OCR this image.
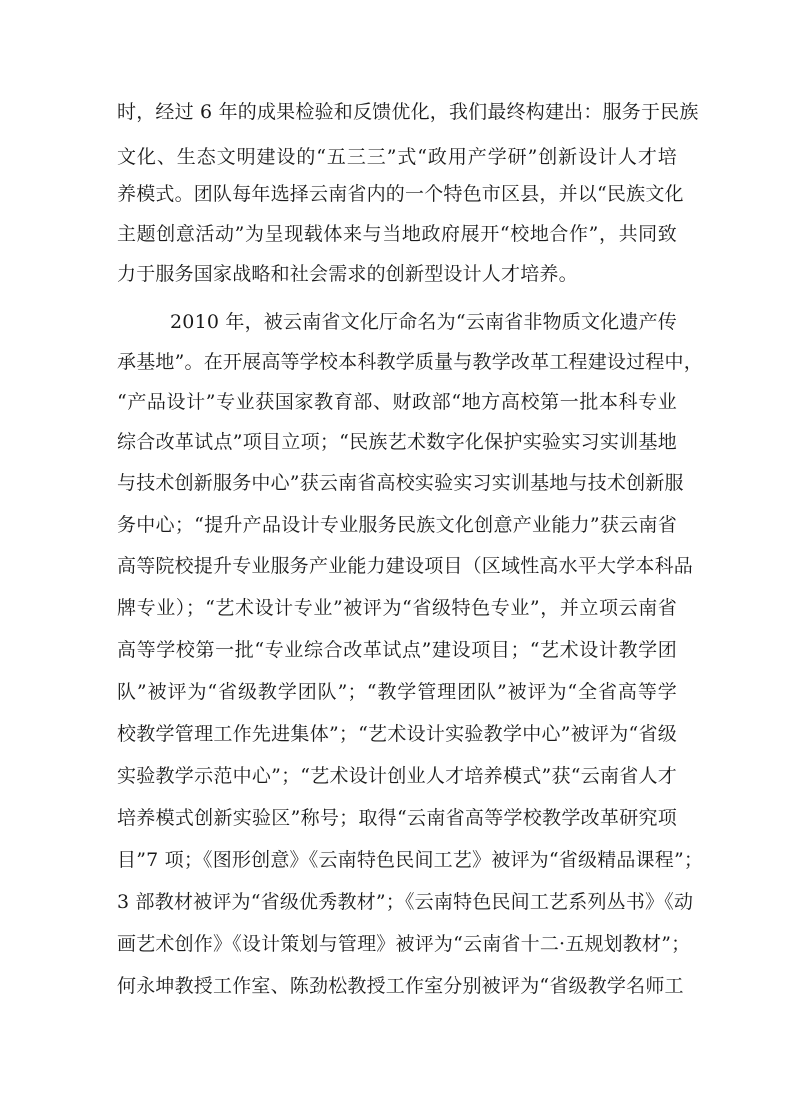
时，经过 6 年的成果检验和反馈优化，我们最终构建出：服务于民族
文化、生态文明建设的“五三三”式“政用产学研”创新设计人才培
养模式。团队每年选择云南省内的一个特色市区县，并以“民族文化
主题创意活动”为呈现载体来与当地政府展开“校地合作”，共同致
力于服务国家战略和社会需求的创新型设计人才培养。
2010 年，被云南省文化厅命名为“云南省非物质文化遗产传
承基地”。在开展高等学校本科教学质量与教学改革工程建设过程中，
“产品设计”专业获国家教育部、财政部“地方高校第一批本科专业
综合改革试点”项目立项；“民族艺术数字化保护实验实习实训基地
与技术创新服务中心”获云南省高校实验实习实训基地与技术创新服
务中心；“提升产品设计专业服务民族文化创意产业能力”获云南省
高等院校提升专业服务产业能力建设项目（区域性高水平大学本科品
牌专业）；“艺术设计专业”被评为“省级特色专业”，并立项云南省
高等学校第一批“专业综合改革试点”建设项目；“艺术设计教学团
队”被评为“省级教学团队”；“教学管理团队”被评为“全省高等学
校教学管理工作先进集体”；“艺术设计实验教学中心”被评为“省级
实验教学示范中心”；“艺术设计创业人才培养模式”获“云南省人才
培养模式创新实验区”称号；取得“云南省高等学校教学改革研究项
目”7 项；《图形创意》《云南特色民间工艺》被评为“省级精品课程”；
3 部教材被评为“省级优秀教材”；《云南特色民间工艺系列丛书》《动
画艺术创作》《设计策划与管理》被评为“云南省十二·五规划教材”；
何永坤教授工作室、陈劲松教授工作室分别被评为“省级教学名师工
